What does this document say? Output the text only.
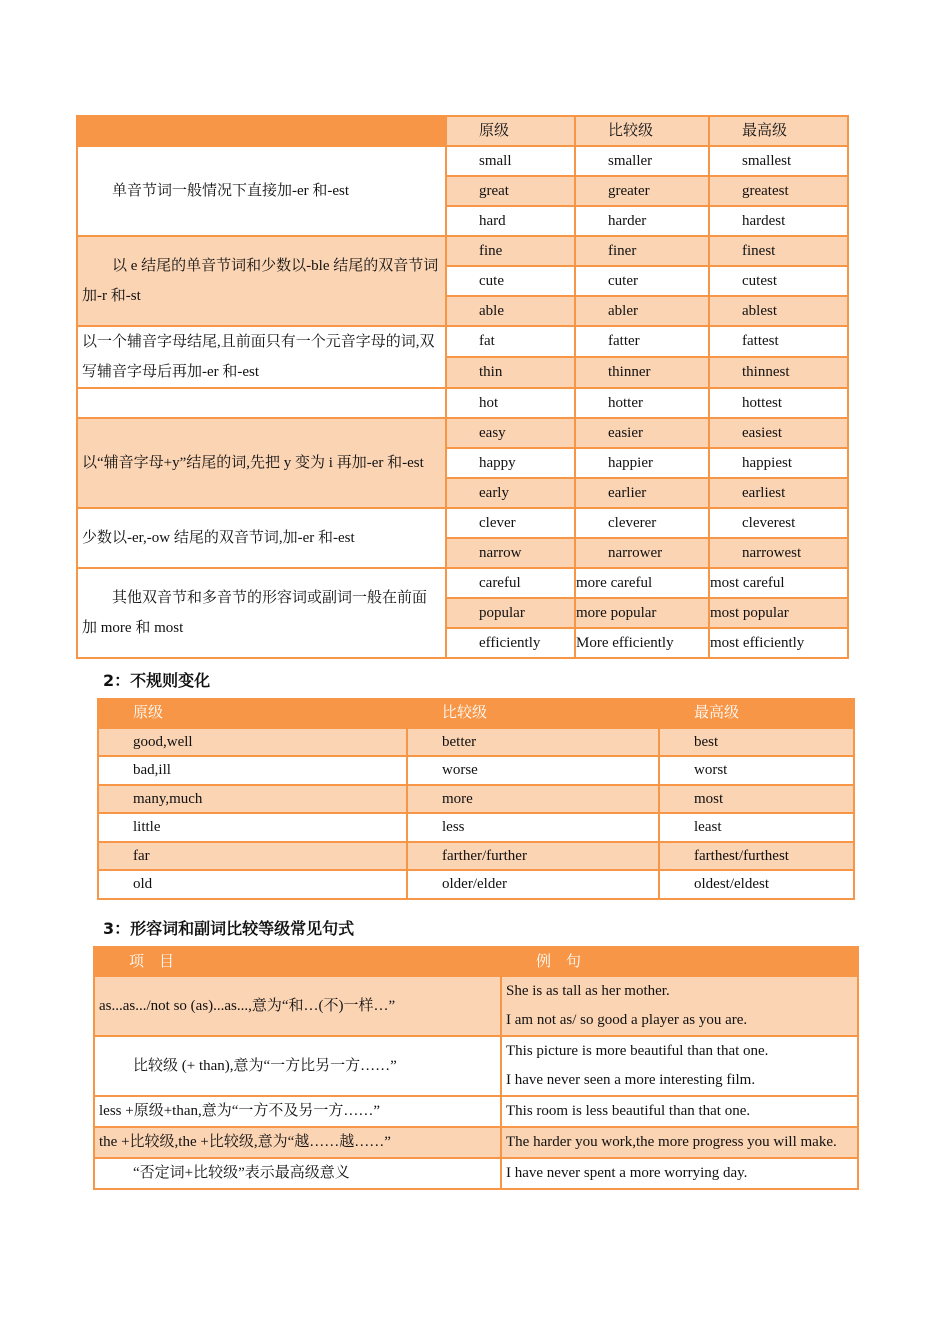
	原级	比较级	最高级
单音节词一般情况下直接加-er 和-est	small	smaller	smallest
	great	greater	greatest
	hard	harder	hardest
以 e 结尾的单音节词和少数以-ble 结尾的双音节词加-r 和-st	fine	finer	finest
	cute	cuter	cutest
	able	abler	ablest
以一个辅音字母结尾,且前面只有一个元音字母的词,双写辅音字母后再加-er 和-est	fat	fatter	fattest
	thin	thinner	thinnest
	hot	hotter	hottest
以“辅音字母+y”结尾的词,先把 y 变为 i 再加-er 和-est	easy	easier	easiest
	happy	happier	happiest
	early	earlier	earliest
少数以-er,-ow 结尾的双音节词,加-er 和-est	clever	cleverer	cleverest
	narrow	narrower	narrowest
其他双音节和多音节的形容词或副词一般在前面加 more 和 most	careful	more careful	most careful
	popular	more popular	most popular
	efficiently	More efficiently	most efficiently
2：不规则变化
原级	比较级	最高级
good,well	better	best
bad,ill	worse	worst
many,much	more	most
little	less	least
far	farther/further	farthest/furthest
old	older/elder	oldest/eldest
3：形容词和副词比较等级常见句式
项　目	例　句
as...as.../not so (as)...as...,意为“和…(不)一样…”	She is as tall as her mother.
I am not as/ so good a player as you are.

比较级 (+ than),意为“一方比另一方……”	This picture is more beautiful than that one.
I have never seen a more interesting film.

less +原级+than,意为“一方不及另一方……”	This room is less beautiful than that one.

the +比较级,the +比较级,意为“越……越……”	The harder you work,the more progress you will make.

“否定词+比较级”表示最高级意义	I have never spent a more worrying day.
